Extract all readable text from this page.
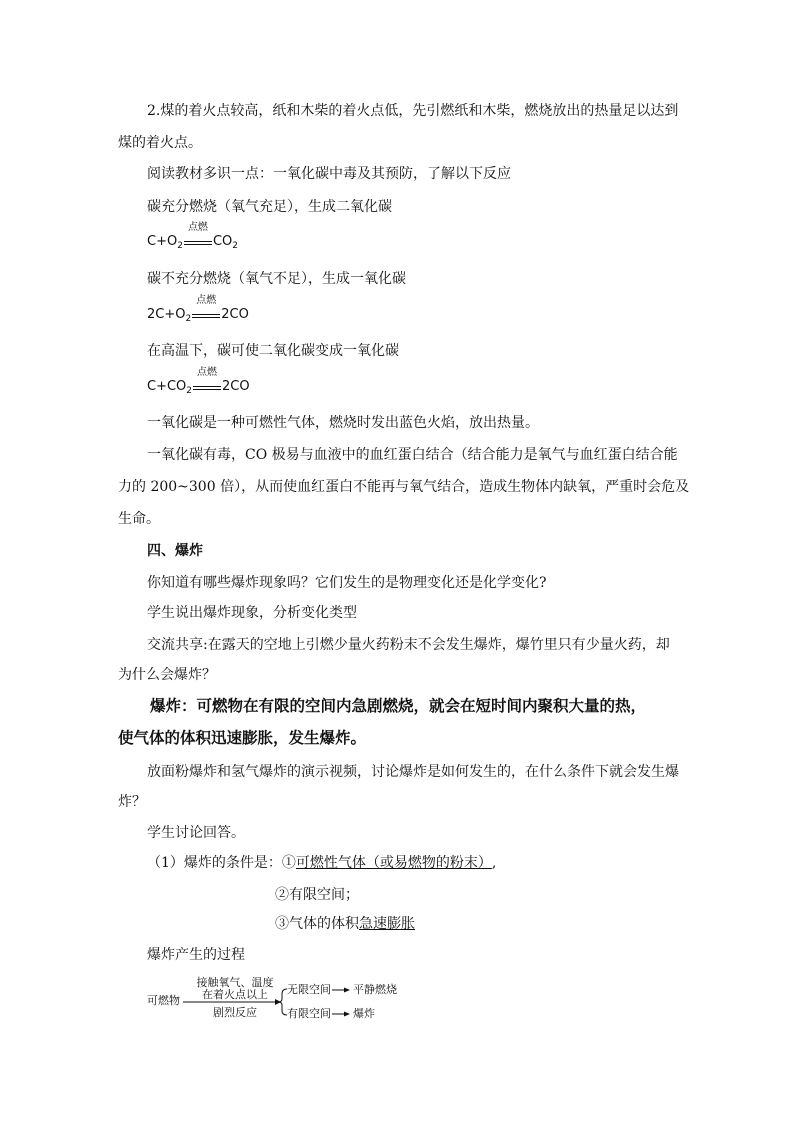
2.煤的着火点较高，纸和木柴的着火点低，先引燃纸和木柴，燃烧放出的热量足以达到
煤的着火点。
阅读教材多识一点：一氧化碳中毒及其预防，了解以下反应
碳充分燃烧（氧气充足），生成二氧化碳
$C+O_2$
点燃
$CO_2$
碳不充分燃烧（氧气不足），生成一氧化碳
$2C+O_2$
点燃
2CO
在高温下，碳可使二氧化碳变成一氧化碳
$C+CO_2$
点燃
2CO
一氧化碳是一种可燃性气体，燃烧时发出蓝色火焰，放出热量。
一氧化碳有毒，CO 极易与血液中的血红蛋白结合（结合能力是氧气与血红蛋白结合能
力的 200~300 倍），从而使血红蛋白不能再与氧气结合，造成生物体内缺氧，严重时会危及
生命。
四、爆炸
你知道有哪些爆炸现象吗？它们发生的是物理变化还是化学变化?
学生说出爆炸现象，分析变化类型
交流共享:在露天的空地上引燃少量火药粉末不会发生爆炸，爆竹里只有少量火药，却
为什么会爆炸？
爆炸：可燃物在有限的空间内急剧燃烧，就会在短时间内聚积大量的热，
使气体的体积迅速膨胀，发生爆炸。
放面粉爆炸和氢气爆炸的演示视频，讨论爆炸是如何发生的，在什么条件下就会发生爆
炸？
学生讨论回答。
（1）爆炸的条件是：①可燃性气体（或易燃物的粉末）,
②有限空间；
③气体的体积急速膨胀
爆炸产生的过程
可燃物
接触氧气、温度
在着火点以上
剧烈反应
无限空间 平静燃烧
有限空间 爆炸
